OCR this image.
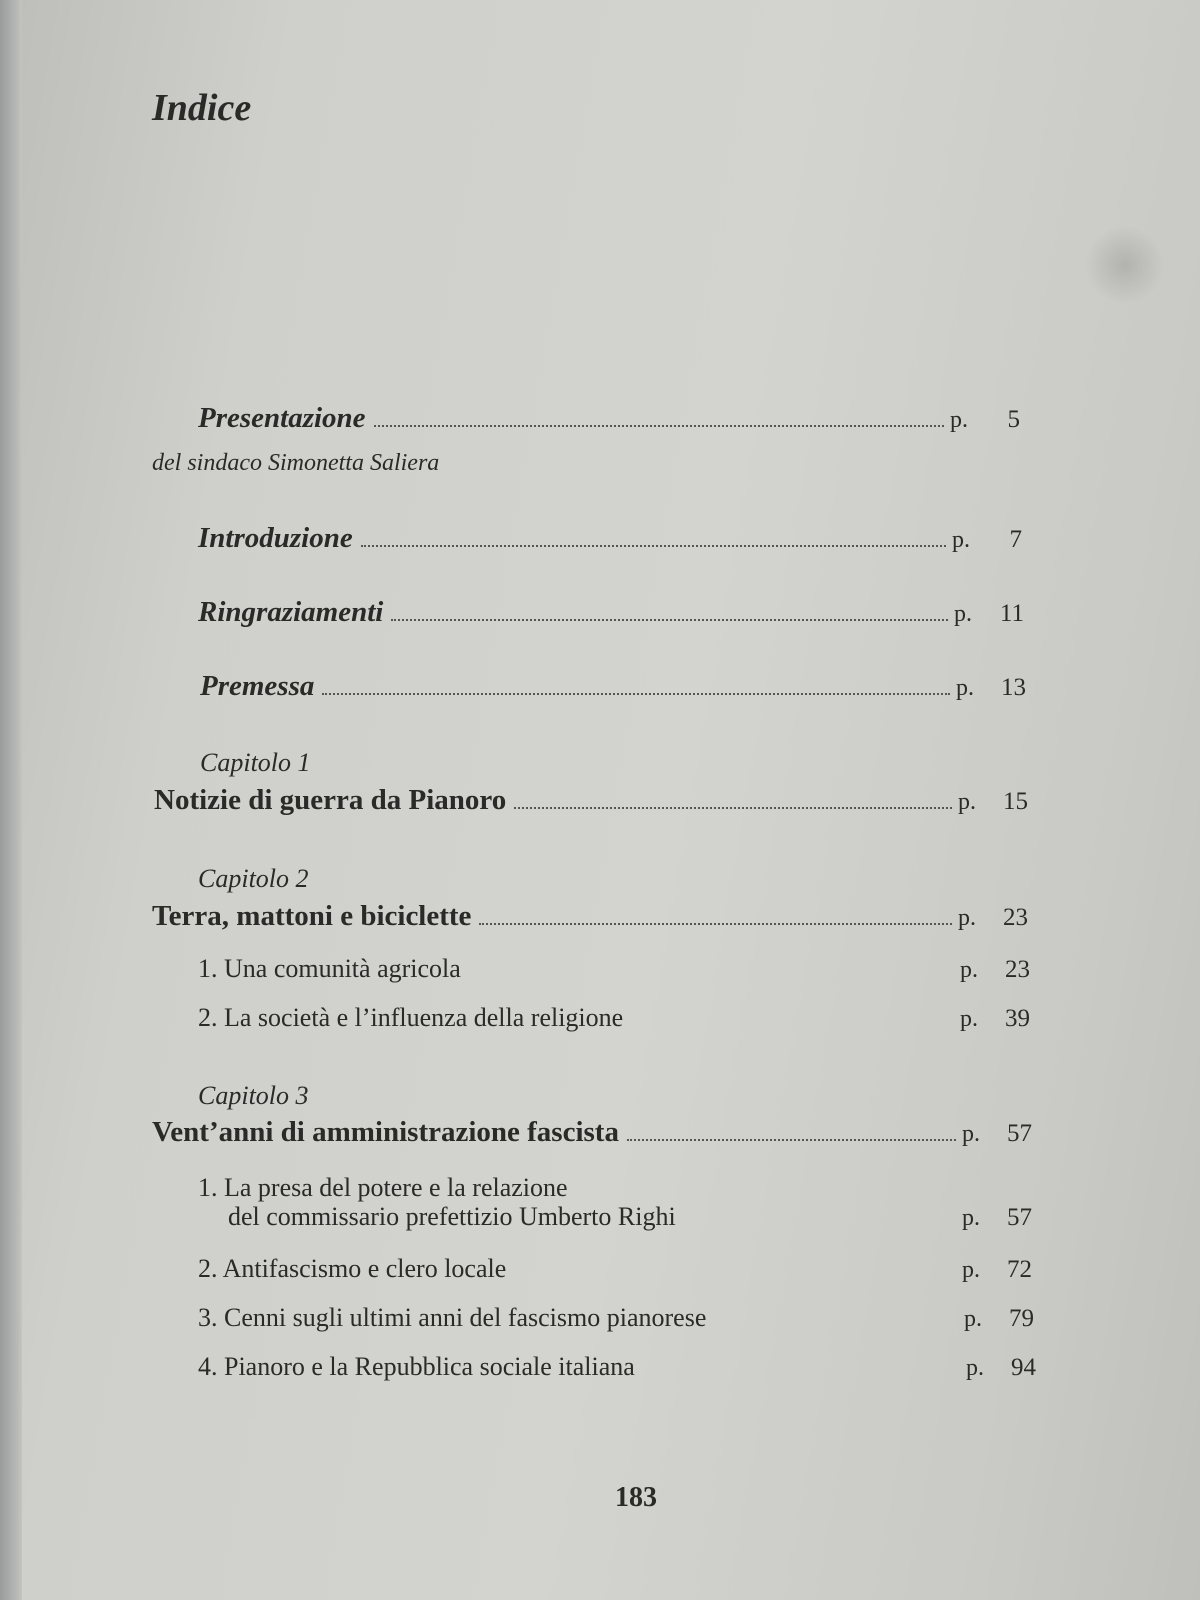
Indice
Presentazione	p.	5
del sindaco Simonetta Saliera
Introduzione	p.	7
Ringraziamenti	p.	11
Premessa	p.	13
Capitolo 1
Notizie di guerra da Pianoro	p.	15
Capitolo 2
Terra, mattoni e biciclette	p.	23
1. Una comunità agricola	p.	23
2. La società e l’influenza della religione	p.	39
Capitolo 3
Vent’anni di amministrazione fascista	p.	57
1. La presa del potere e la relazione
del commissario prefettizio Umberto Righi	p.	57
2. Antifascismo e clero locale	p.	72
3. Cenni sugli ultimi anni del fascismo pianorese	p.	79
4. Pianoro e la Repubblica sociale italiana	p.	94
183
